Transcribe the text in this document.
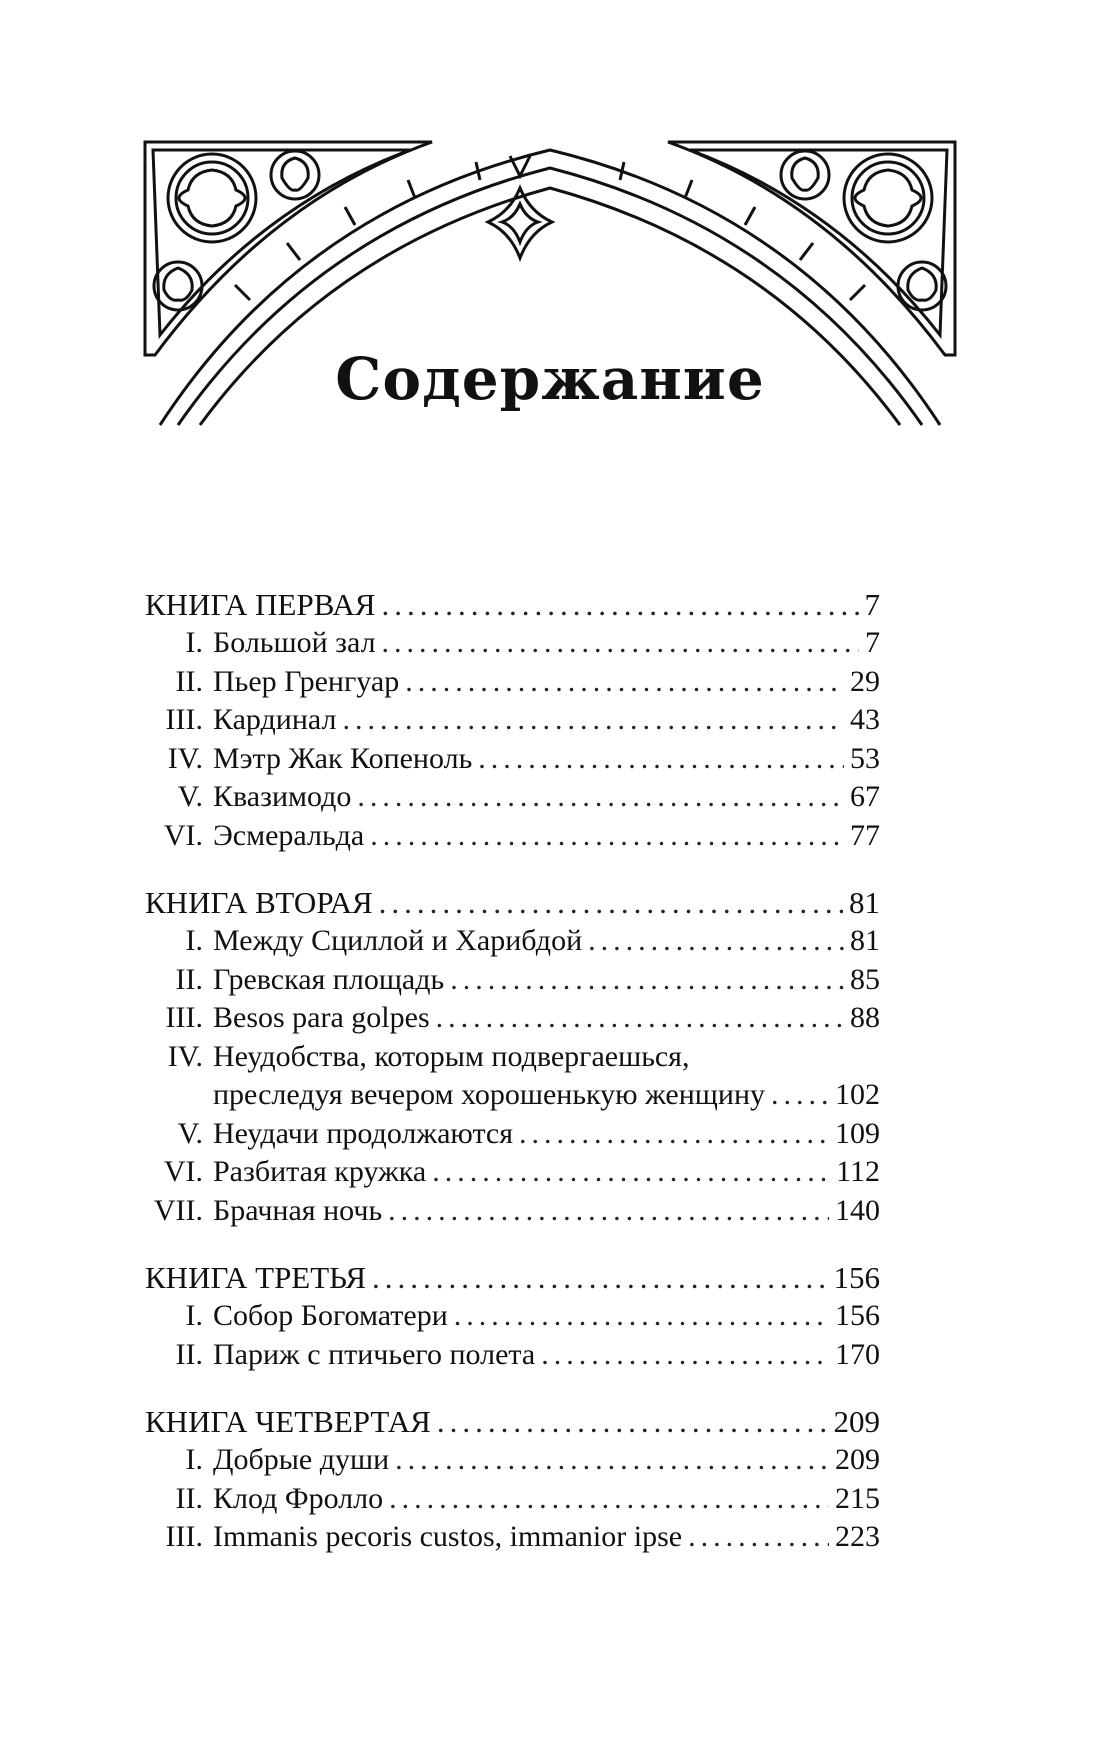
Содержание
КНИГА ПЕРВАЯ .....	7
I. Большой зал .....	7
II. Пьер Гренгуар .....	29
III. Кардинал .....	43
IV. Мэтр Жак Копеноль .....	53
V. Квазимодо .....	67
VI. Эсмеральда .....	77
КНИГА ВТОРАЯ .....	81
I. Между Сциллой и Харибдой .....	81
II. Гревская площадь .....	85
III. Besos para golpes .....	88
IV. Неудобства, которым подвергаешься,
преследуя вечером хорошенькую женщину ..... 102
V. Неудачи продолжаются .....	109
VI. Разбитая кружка .....	112
VII. Брачная ночь .....	140
КНИГА ТРЕТЬЯ .....	156
I. Собор Богоматери .....	156
II. Париж с птичьего полета .....	170
КНИГА ЧЕТВЕРТАЯ .....	209
I. Добрые души .....	209
II. Клод Фролло .....	215
III. Immanis pecoris custos, immanior ipse .....	223
